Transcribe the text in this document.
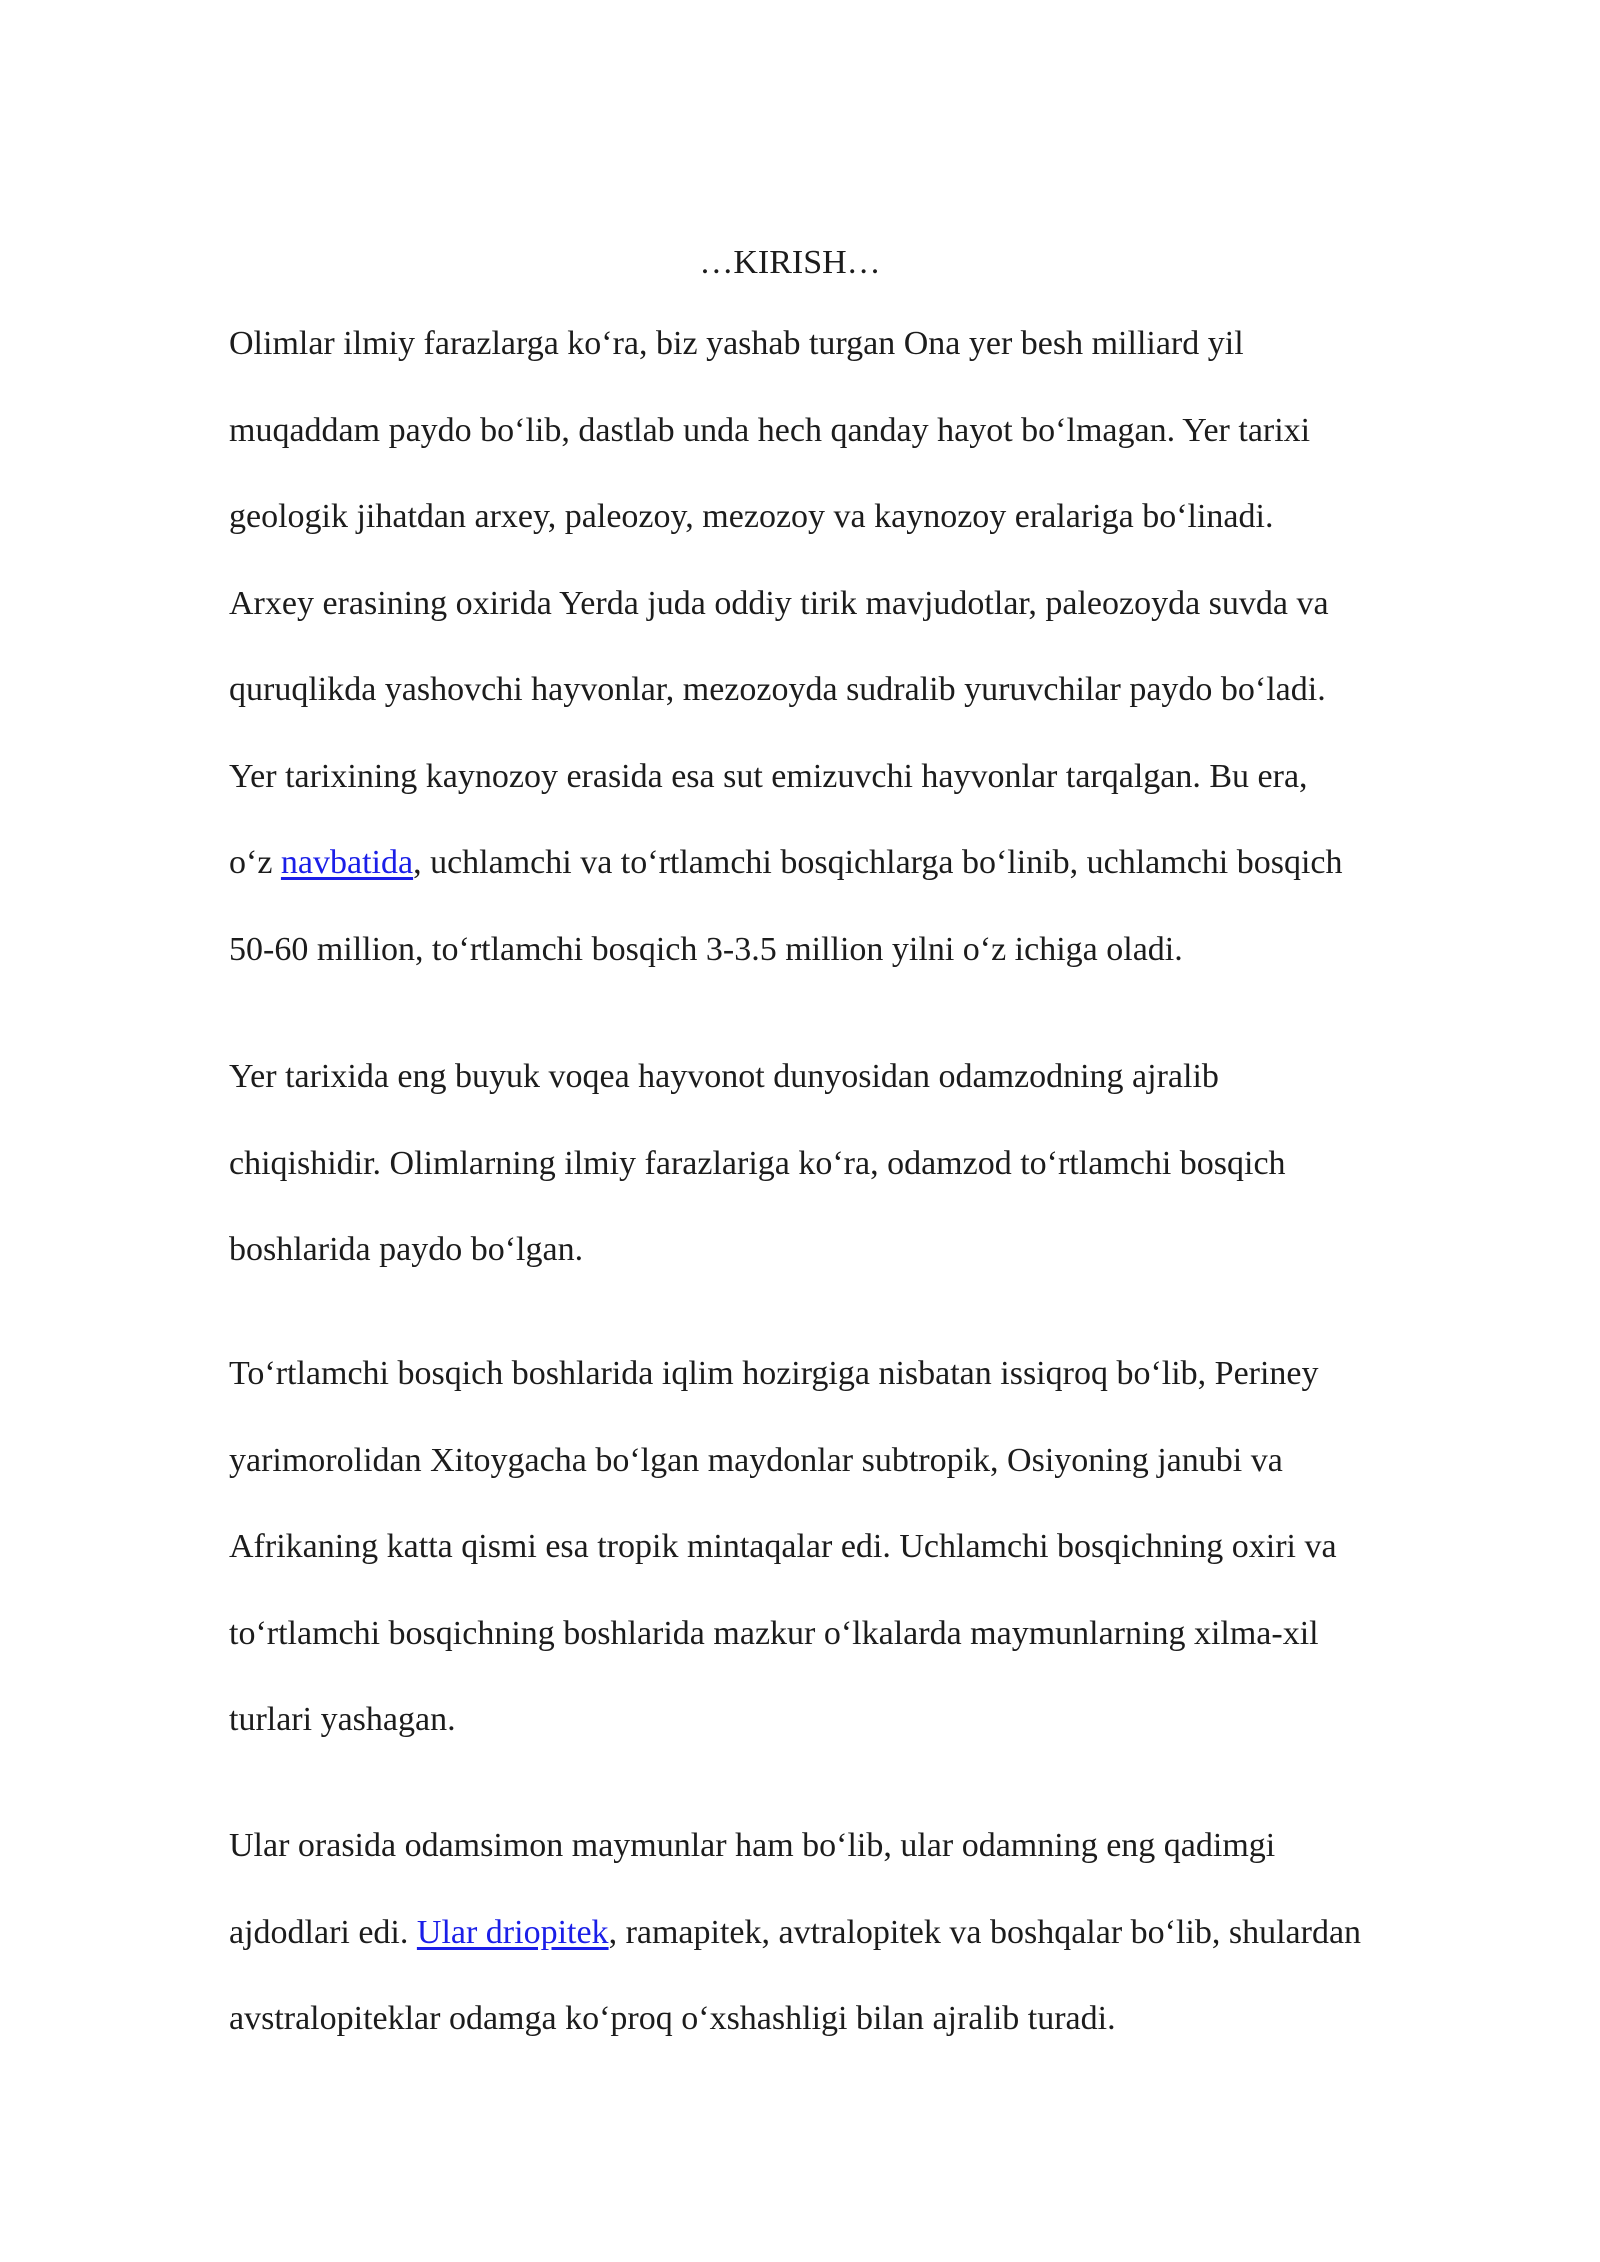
…KIRISH…

Olimlar ilmiy farazlarga koʻra, biz yashab turgan Ona yer besh milliard yil
muqaddam paydo boʻlib, dastlab unda hech qanday hayot boʻlmagan. Yer tarixi
geologik jihatdan arxey, paleozoy, mezozoy va kaynozoy eralariga boʻlinadi.
Arxey erasining oxirida Yerda juda oddiy tirik mavjudotlar, paleozoyda suvda va
quruqlikda yashovchi hayvonlar, mezozoyda sudralib yuruvchilar paydo boʻladi.
Yer tarixining kaynozoy erasida esa sut emizuvchi hayvonlar tarqalgan. Bu era,
oʻz navbatida, uchlamchi va toʻrtlamchi bosqichlarga boʻlinib, uchlamchi bosqich
50-60 million, toʻrtlamchi bosqich 3-3.5 million yilni oʻz ichiga oladi.

Yer tarixida eng buyuk voqea hayvonot dunyosidan odamzodning ajralib
chiqishidir. Olimlarning ilmiy farazlariga koʻra, odamzod toʻrtlamchi bosqich
boshlarida paydo boʻlgan.

Toʻrtlamchi bosqich boshlarida iqlim hozirgiga nisbatan issiqroq boʻlib, Periney
yarimorolidan Xitoygacha boʻlgan maydonlar subtropik, Osiyoning janubi va
Afrikaning katta qismi esa tropik mintaqalar edi. Uchlamchi bosqichning oxiri va
toʻrtlamchi bosqichning boshlarida mazkur oʻlkalarda maymunlarning xilma-xil
turlari yashagan.

Ular orasida odamsimon maymunlar ham boʻlib, ular odamning eng qadimgi
ajdodlari edi. Ular driopitek, ramapitek, avtralopitek va boshqalar boʻlib, shulardan
avstralopiteklar odamga koʻproq oʻxshashligi bilan ajralib turadi.
